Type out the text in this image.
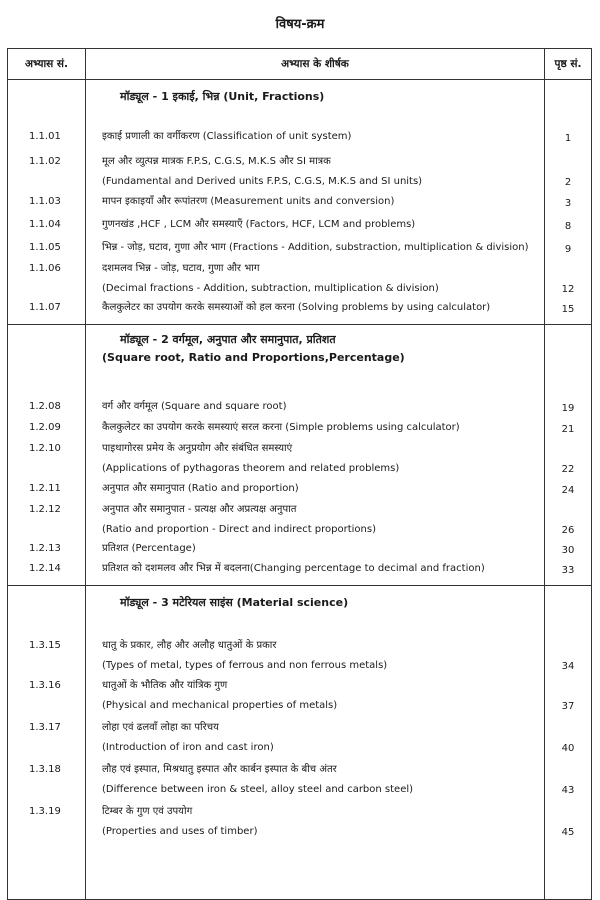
विषय-क्रम
अभ्यास सं.	अभ्यास के शीर्षक	पृष्ठ सं.

	मॉड्यूल - 1 इकाई, भिन्न (Unit, Fractions)	

1.1.01	इकाई प्रणाली का वर्गीकरण (Classification of unit system)	1
1.1.02	मूल और व्युत्पन्न मात्रक F.P.S, C.G.S, M.K.S और SI मात्रक
(Fundamental and Derived units F.P.S, C.G.S, M.K.S and SI units)	2
1.1.03	मापन इकाइयाँ और रूपांतरण (Measurement units and conversion)	3
1.1.04	गुणनखंड ,HCF , LCM और समस्याएँ (Factors, HCF, LCM and problems)	8
1.1.05	भिन्न - जोड़, घटाव, गुणा और भाग (Fractions - Addition, substraction, multiplication & division)	9
1.1.06	दशमलव भिन्न - जोड़, घटाव, गुणा और भाग
(Decimal fractions - Addition, subtraction, multiplication & division)	12
1.1.07	कैलकुलेटर का उपयोग करके समस्याओं को हल करना (Solving problems by using calculator)	15

	मॉड्यूल - 2 वर्गमूल, अनुपात और समानुपात, प्रतिशत
(Square root, Ratio and Proportions,Percentage)	

1.2.08	वर्ग और वर्गमूल (Square and square root)	19
1.2.09	कैलकुलेटर का उपयोग करके समस्याएं सरल करना (Simple problems using calculator)	21
1.2.10	पाइथागोरस प्रमेय के अनुप्रयोग और संबंधित समस्याएं
(Applications of pythagoras theorem and related problems)	22
1.2.11	अनुपात और समानुपात (Ratio and proportion)	24
1.2.12	अनुपात और समानुपात - प्रत्यक्ष और अप्रत्यक्ष अनुपात
(Ratio and proportion - Direct and indirect proportions)	26
1.2.13	प्रतिशत (Percentage)	30
1.2.14	प्रतिशत को दशमलव और भिन्न में बदलना(Changing percentage to decimal and fraction)	33

	मॉड्यूल - 3 मटेरियल साइंस (Material science)	

1.3.15	धातु के प्रकार, लौह और अलौह धातुओं के प्रकार
(Types of metal, types of ferrous and non ferrous metals)	34
1.3.16	धातुओं के भौतिक और यांत्रिक गुण
(Physical and mechanical properties of metals)	37
1.3.17	लोहा एवं ढलवाँ लोहा का परिचय
(Introduction of iron and cast iron)	40
1.3.18	लौह एवं इस्पात, मिश्रधातु इस्पात और कार्बन इस्पात के बीच अंतर
(Difference between iron & steel, alloy steel and carbon steel)	43
1.3.19	टिम्बर के गुण एवं उपयोग
(Properties and uses of timber)	45
